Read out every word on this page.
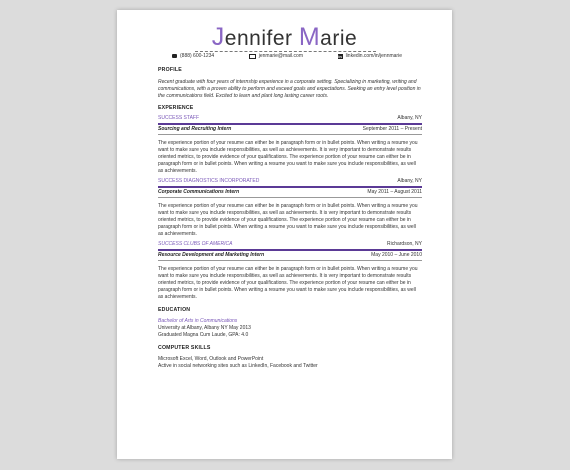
Jennifer Marie
(888) 600-1234	jenmarie@mail.com	in linkedin.com/in/jennmarie
PROFILE
Recent graduate with four years of internship experience in a corporate setting. Specializing in marketing, writing and communications, with a proven ability to perform and exceed goals and expectations. Seeking an entry level position in the communications field. Excited to learn and plant long lasting career roots.
EXPERIENCE
SUCCESS STAFF	Albany, NY
Sourcing and Recruiting Intern	September 2011 – Present
The experience portion of your resume can either be in paragraph form or in bullet points. When writing a resume you want to make sure you include responsibilities, as well as achievements. It is very important to demonstrate results oriented metrics, to provide evidence of your qualifications. The experience portion of your resume can either be in paragraph form or in bullet points. When writing a resume you want to make sure you include responsibilities, as well as achievements.
SUCCESS DIAGNOSTICS INCORPORATED	Albany, NY
Corporate Communications Intern	May 2011 – August 2011
The experience portion of your resume can either be in paragraph form or in bullet points. When writing a resume you want to make sure you include responsibilities, as well as achievements. It is very important to demonstrate results oriented metrics, to provide evidence of your qualifications. The experience portion of your resume can either be in paragraph form or in bullet points. When writing a resume you want to make sure you include responsibilities, as well as achievements.
SUCCESS CLUBS OF AMERICA	Richardson, NY
Resource Development and Marketing Intern	May 2010 – June 2010
The experience portion of your resume can either be in paragraph form or in bullet points. When writing a resume you want to make sure you include responsibilities, as well as achievements. It is very important to demonstrate results oriented metrics, to provide evidence of your qualifications. The experience portion of your resume can either be in paragraph form or in bullet points. When writing a resume you want to make sure you include responsibilities, as well as achievements.
EDUCATION
Bachelor of Arts in Communications
University at Albany, Albany NY May 2013
Graduated Magna Cum Laude, GPA: 4.0
COMPUTER SKILLS
Microsoft Excel, Word, Outlook and PowerPoint
Active in social networking sites such as LinkedIn, Facebook and Twitter
